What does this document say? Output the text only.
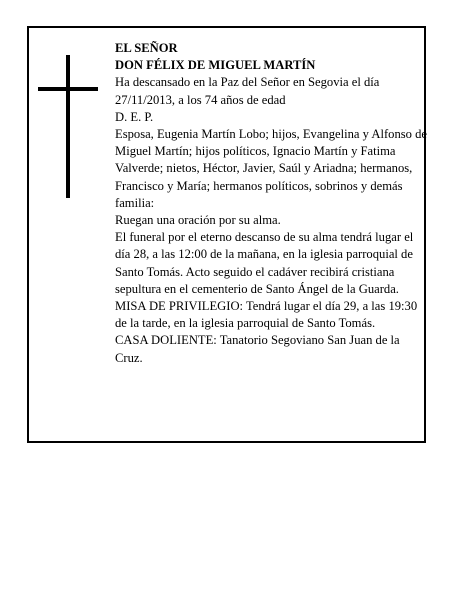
EL SEÑOR

DON FÉLIX DE MIGUEL MARTÍN

Ha descansado en la Paz del Señor en Segovia el día 27/11/2013, a los 74 años de edad

D. E. P.

Esposa, Eugenia Martín Lobo; hijos, Evangelina y Alfonso de Miguel Martín; hijos políticos, Ignacio Martín y Fatima Valverde; nietos, Héctor, Javier, Saúl y Ariadna; hermanos, Francisco y María; hermanos políticos, sobrinos y demás familia:

Ruegan una oración por su alma.

El funeral por el eterno descanso de su alma tendrá lugar el día 28, a las 12:00 de la mañana, en la iglesia parroquial de Santo Tomás. Acto seguido el cadáver recibirá cristiana sepultura en el cementerio de Santo Ángel de la Guarda.

MISA DE PRIVILEGIO: Tendrá lugar el día 29, a las 19:30 de la tarde, en la iglesia parroquial de Santo Tomás.

CASA DOLIENTE: Tanatorio Segoviano San Juan de la Cruz.
